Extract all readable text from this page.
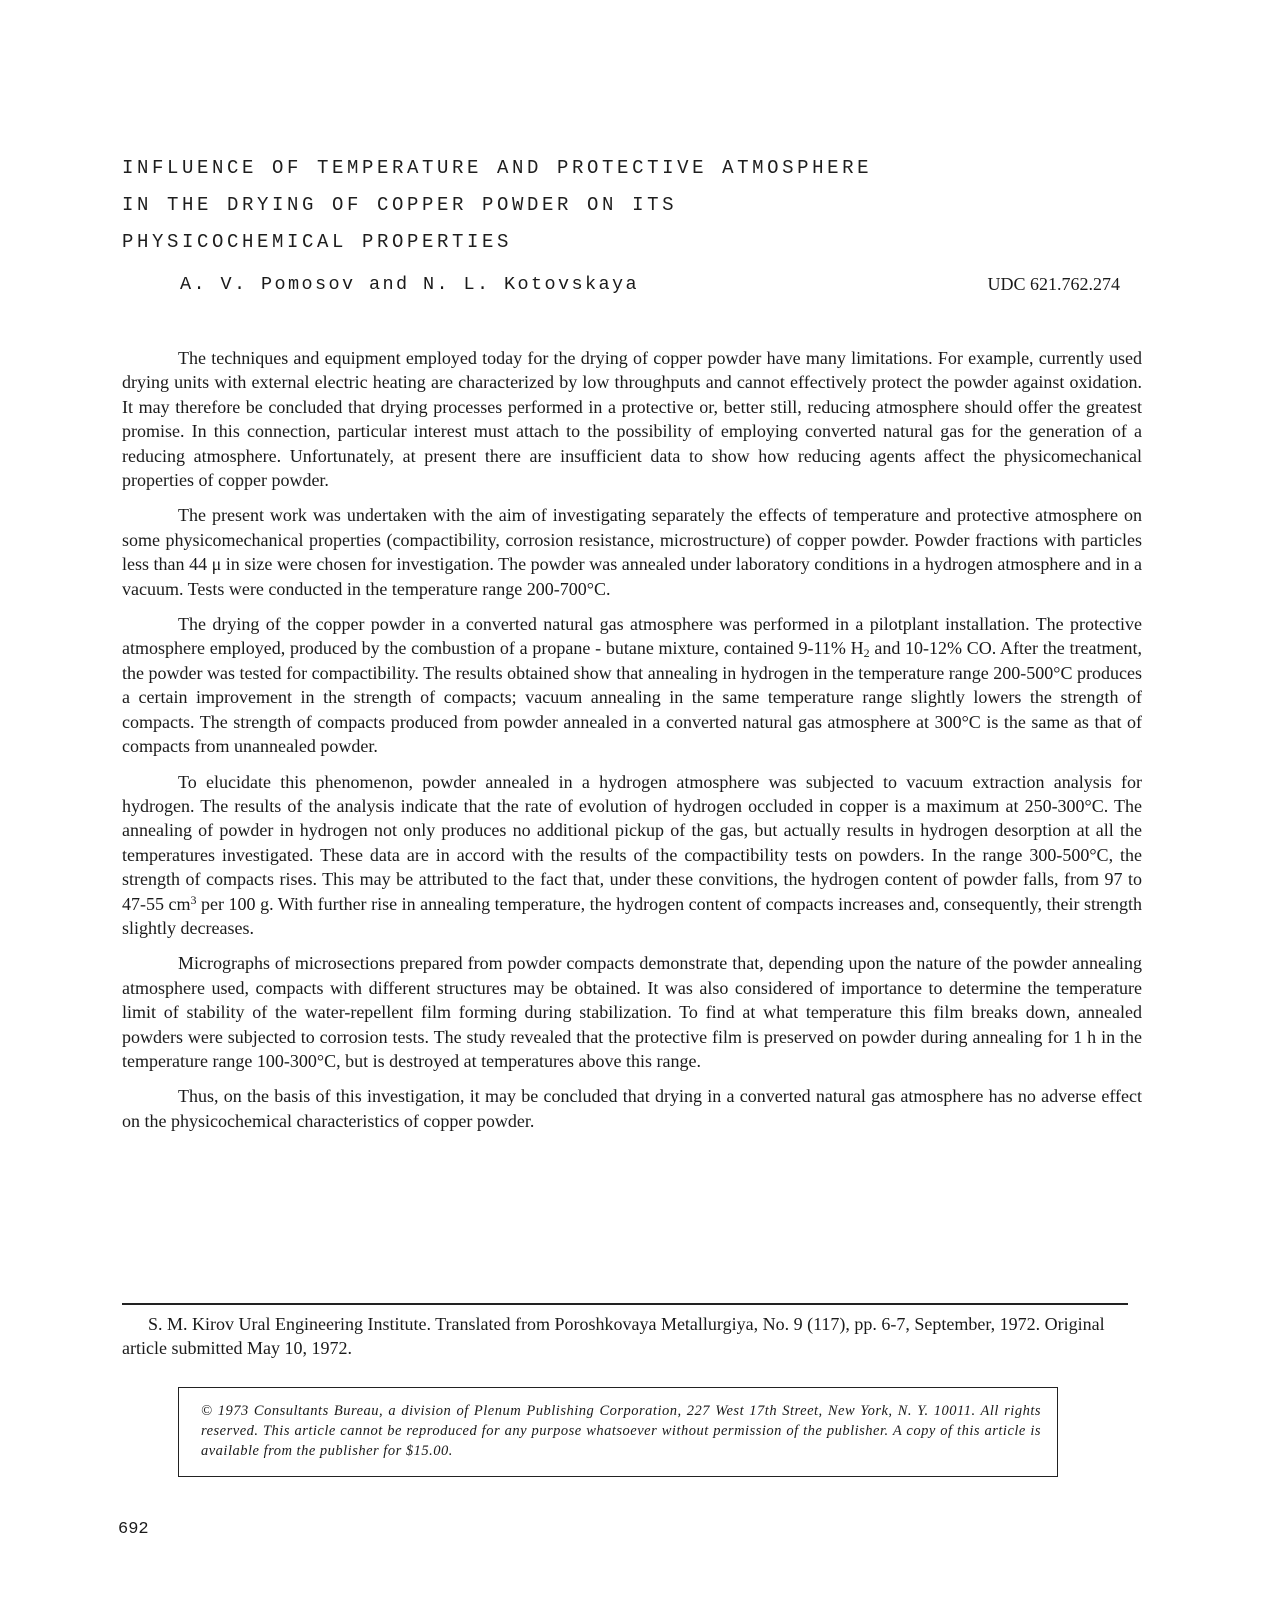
INFLUENCE OF TEMPERATURE AND PROTECTIVE ATMOSPHERE
IN THE DRYING OF COPPER POWDER ON ITS
PHYSICOCHEMICAL PROPERTIES
A. V. Pomosov and N. L. Kotovskaya	UDC 621.762.274

The techniques and equipment employed today for the drying of copper powder have many limitations. For example, currently used drying units with external electric heating are characterized by low throughputs and cannot effectively protect the powder against oxidation. It may therefore be concluded that drying processes performed in a protective or, better still, reducing atmosphere should offer the greatest promise. In this connection, particular interest must attach to the possibility of employing converted natural gas for the generation of a reducing atmosphere. Unfortunately, at present there are insufficient data to show how reducing agents affect the physicomechanical properties of copper powder.

The present work was undertaken with the aim of investigating separately the effects of temperature and protective atmosphere on some physicomechanical properties (compactibility, corrosion resistance, microstructure) of copper powder. Powder fractions with particles less than 44 μ in size were chosen for investigation. The powder was annealed under laboratory conditions in a hydrogen atmosphere and in a vacuum. Tests were conducted in the temperature range 200-700°C.

The drying of the copper powder in a converted natural gas atmosphere was performed in a pilotplant installation. The protective atmosphere employed, produced by the combustion of a propane - butane mixture, contained 9-11% $H_2$ and 10-12% CO. After the treatment, the powder was tested for compactibility. The results obtained show that annealing in hydrogen in the temperature range 200-500°C produces a certain improvement in the strength of compacts; vacuum annealing in the same temperature range slightly lowers the strength of compacts. The strength of compacts produced from powder annealed in a converted natural gas atmosphere at 300°C is the same as that of compacts from unannealed powder.

To elucidate this phenomenon, powder annealed in a hydrogen atmosphere was subjected to vacuum extraction analysis for hydrogen. The results of the analysis indicate that the rate of evolution of hydrogen occluded in copper is a maximum at 250-300°C. The annealing of powder in hydrogen not only produces no additional pickup of the gas, but actually results in hydrogen desorption at all the temperatures investigated. These data are in accord with the results of the compactibility tests on powders. In the range 300-500°C, the strength of compacts rises. This may be attributed to the fact that, under these convitions, the hydrogen content of powder falls, from 97 to 47-55 $cm^3$ per 100 g. With further rise in annealing temperature, the hydrogen content of compacts increases and, consequently, their strength slightly decreases.

Micrographs of microsections prepared from powder compacts demonstrate that, depending upon the nature of the powder annealing atmosphere used, compacts with different structures may be obtained. It was also considered of importance to determine the temperature limit of stability of the water-repellent film forming during stabilization. To find at what temperature this film breaks down, annealed powders were subjected to corrosion tests. The study revealed that the protective film is preserved on powder during annealing for 1 h in the temperature range 100-300°C, but is destroyed at temperatures above this range.

Thus, on the basis of this investigation, it may be concluded that drying in a converted natural gas atmosphere has no adverse effect on the physicochemical characteristics of copper powder.

S. M. Kirov Ural Engineering Institute. Translated from Poroshkovaya Metallurgiya, No. 9 (117), pp. 6-7, September, 1972. Original article submitted May 10, 1972.
© 1973 Consultants Bureau, a division of Plenum Publishing Corporation, 227 West 17th Street, New York, N. Y. 10011. All rights reserved. This article cannot be reproduced for any purpose whatsoever without permission of the publisher. A copy of this article is available from the publisher for $15.00.
692
